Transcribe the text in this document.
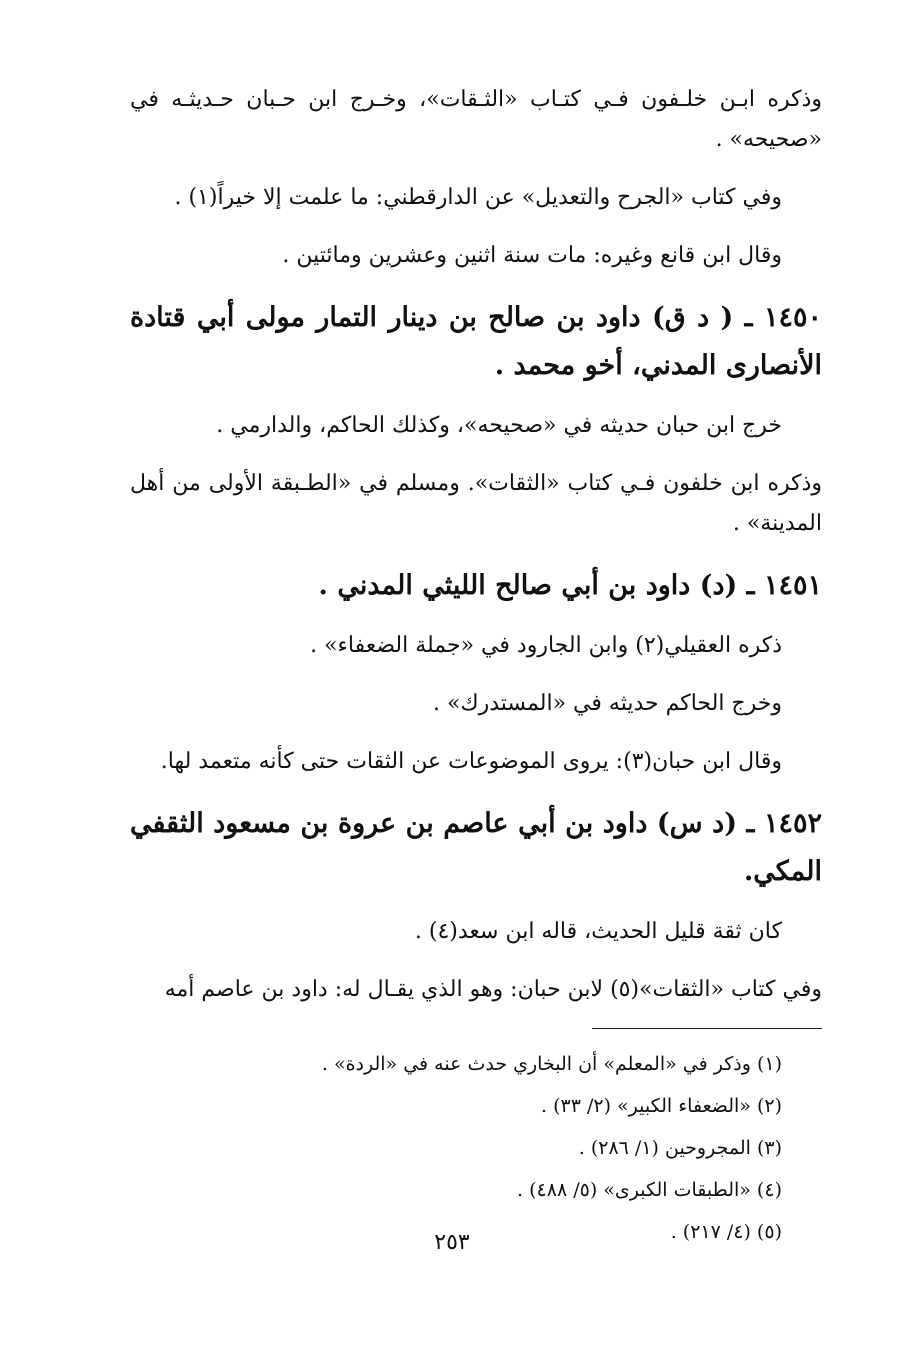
وذكره ابـن خلـفون فـي كتـاب «الثـقات»، وخـرج ابن حـبان حـديثـه في «صحيحه» .
وفي كتاب «الجرح والتعديل» عن الدارقطني: ما علمت إلا خيراً(١) .
وقال ابن قانع وغيره: مات سنة اثنين وعشرين ومائتين .
١٤٥٠ ـ ( د ق) داود بن صالح بن دينار التمار مولى أبي قتادة الأنصارى المدني، أخو محمد .
خرج ابن حبان حديثه في «صحيحه»، وكذلك الحاكم، والدارمي .
وذكره ابن خلفون فـي كتاب «الثقات». ومسلم في «الطـبقة الأولى من أهل المدينة» .
١٤٥١ ـ (د) داود بن أبي صالح الليثي المدني .
ذكره العقيلي(٢) وابن الجارود في «جملة الضعفاء» .
وخرج الحاكم حديثه في «المستدرك» .
وقال ابن حبان(٣): يروى الموضوعات عن الثقات حتى كأنه متعمد لها.
١٤٥٢ ـ (د س) داود بن أبي عاصم بن عروة بن مسعود الثقفي المكي.
كان ثقة قليل الحديث، قاله ابن سعد(٤) .
وفي كتاب «الثقات»(٥) لابن حبان: وهو الذي يقـال له: داود بن عاصم أمه
(١) وذكر في «المعلم» أن البخاري حدث عنه في «الردة» .
(٢) «الضعفاء الكبير» (٢/ ٣٣) .
(٣) المجروحين (١/ ٢٨٦) .
(٤) «الطبقات الكبرى» (٥/ ٤٨٨) .
(٥) (٤/ ٢١٧) .
٢٥٣
